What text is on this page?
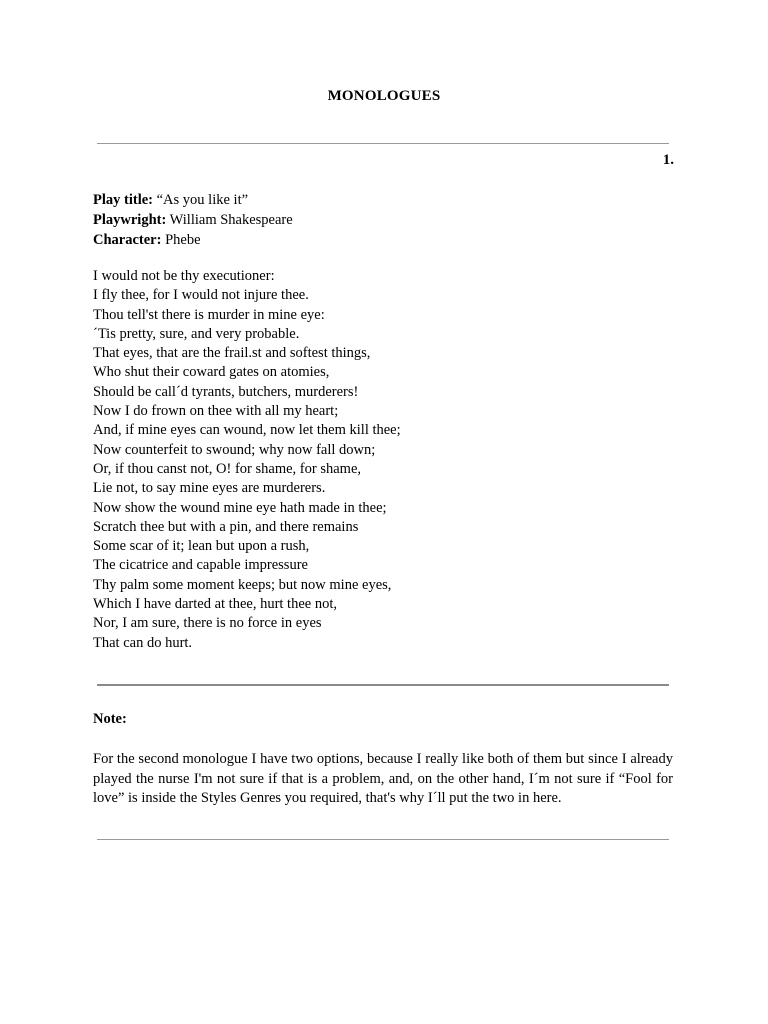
MONOLOGUES
1.
Play title: “As you like it”
Playwright: William Shakespeare
Character: Phebe
I would not be thy executioner:
I fly thee, for I would not injure thee.
Thou tell'st there is murder in mine eye:
´Tis pretty, sure, and very probable.
That eyes, that are the frail.st and softest things,
Who shut their coward gates on atomies,
Should be call´d tyrants, butchers, murderers!
Now I do frown on thee with all my heart;
And, if mine eyes can wound, now let them kill thee;
Now counterfeit to swound; why now fall down;
Or, if thou canst not, O! for shame, for shame,
Lie not, to say mine eyes are murderers.
Now show the wound mine eye hath made in thee;
Scratch thee but with a pin, and there remains
Some scar of it; lean but upon a rush,
The cicatrice and capable impressure
Thy palm some moment keeps; but now mine eyes,
Which I have darted at thee, hurt thee not,
Nor, I am sure, there is no force in eyes
That can do hurt.
Note:
For the second monologue I have two options, because I really like both of them but since I already played the nurse I'm not sure if that is a problem, and, on the other hand, I´m not sure if “Fool for love” is inside the Styles Genres you required, that's why I´ll put the two in here.
